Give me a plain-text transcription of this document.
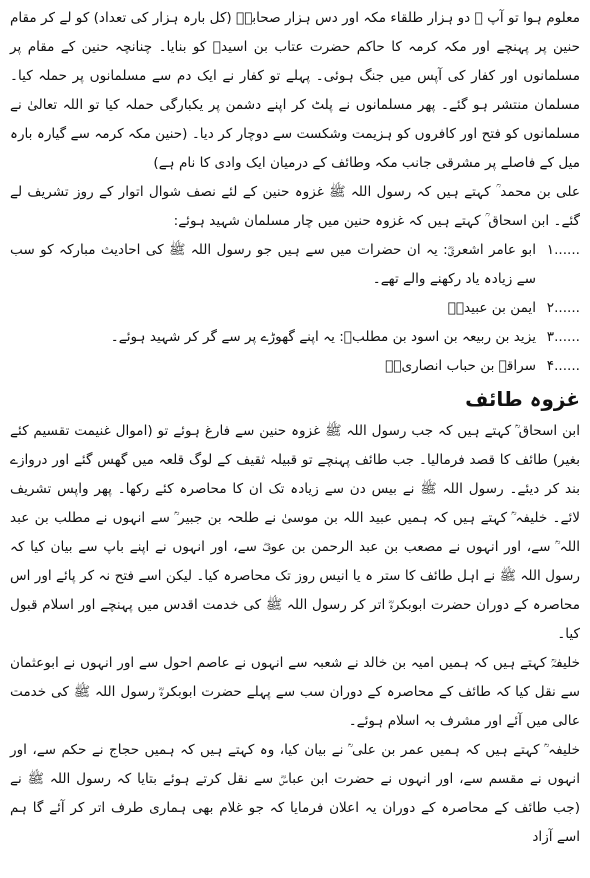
معلوم ہوا تو آپ ﷺ دو ہزار طلقاء مکہ اور دس ہزار صحابہؓ (کل بارہ ہزار کی تعداد) کو لے کر مقام حنین پر پہنچے اور مکہ کرمہ کا حاکم حضرت عتاب بن اسیدؓ کو بنایا۔ چنانچہ حنین کے مقام پر مسلمانوں اور کفار کی آپس میں جنگ ہوئی۔ پہلے تو کفار نے ایک دم سے مسلمانوں پر حملہ کیا۔ مسلمان منتشر ہو گئے۔ پھر مسلمانوں نے پلٹ کر اپنے دشمن پر یکبارگی حملہ کیا تو اللہ تعالیٰ نے مسلمانوں کو فتح اور کافروں کو ہزیمت وشکست سے دوچار کر دیا۔ (حنین مکہ کرمہ سے گیارہ بارہ میل کے فاصلے پر مشرقی جانب مکہ وطائف کے درمیان ایک وادی کا نام ہے)

علی بن محمد ؒ کہتے ہیں کہ رسول اللہ ﷺ غزوہ حنین کے لئے نصف شوال اتوار کے روز تشریف لے گئے۔ ابن اسحاق ؒ کہتے ہیں کہ غزوہ حنین میں چار مسلمان شہید ہوئے:

۱......
ابو عامر اشعریؓ: یہ ان حضرات میں سے ہیں جو رسول اللہ ﷺ کی احادیث مبارکہ کو سب سے زیادہ یاد رکھنے والے تھے۔
۲......
ایمن بن عبیدؓ۔
۳......
یزید بن ربیعہ بن اسود بن مطلبؓ: یہ اپنے گھوڑے پر سے گر کر شہید ہوئے۔
۴......
سراقہ بن حباب انصاریؓ۔
غزوہ طائف

ابن اسحاق ؒ کہتے ہیں کہ جب رسول اللہ ﷺ غزوہ حنین سے فارغ ہوئے تو (اموال غنیمت تقسیم کئے بغیر) طائف کا قصد فرمالیا۔ جب طائف پہنچے تو قبیلہ ثقیف کے لوگ قلعہ میں گھس گئے اور دروازے بند کر دیئے۔ رسول اللہ ﷺ نے بیس دن سے زیادہ تک ان کا محاصرہ کئے رکھا۔ پھر واپس تشریف لائے۔ خلیفہ ؒ کہتے ہیں کہ ہمیں عبید اللہ بن موسیٰ نے طلحہ بن جبیر ؒ سے انہوں نے مطلب بن عبد اللہ ؒ سے، اور انہوں نے مصعب بن عبد الرحمن بن عوفؓ سے، اور انہوں نے اپنے باپ سے بیان کیا کہ رسول اللہ ﷺ نے اہل طائف کا ستر ہ یا انیس روز تک محاصرہ کیا۔ لیکن اسے فتح نہ کر پائے اور اس محاصرہ کے دوران حضرت ابوبکرہؓ اتر کر رسول اللہ ﷺ کی خدمت اقدس میں پہنچے اور اسلام قبول کیا۔

خلیفہؒ کہتے ہیں کہ ہمیں امیہ بن خالد نے شعبہ سے انہوں نے عاصم احول سے اور انہوں نے ابوعثمان سے نقل کیا کہ طائف کے محاصرہ کے دوران سب سے پہلے حضرت ابوبکرہؓ رسول اللہ ﷺ کی خدمت عالی میں آئے اور مشرف بہ اسلام ہوئے۔

خلیفہ ؒ کہتے ہیں کہ ہمیں عمر بن علی ؒ نے بیان کیا، وہ کہتے ہیں کہ ہمیں حجاج نے حکم سے، اور انہوں نے مقسم سے، اور انہوں نے حضرت ابن عباسؓ سے نقل کرتے ہوئے بتایا کہ رسول اللہ ﷺ نے (جب طائف کے محاصرہ کے دوران یہ اعلان فرمایا کہ جو غلام بھی ہماری طرف اتر کر آئے گا ہم اسے آزاد
